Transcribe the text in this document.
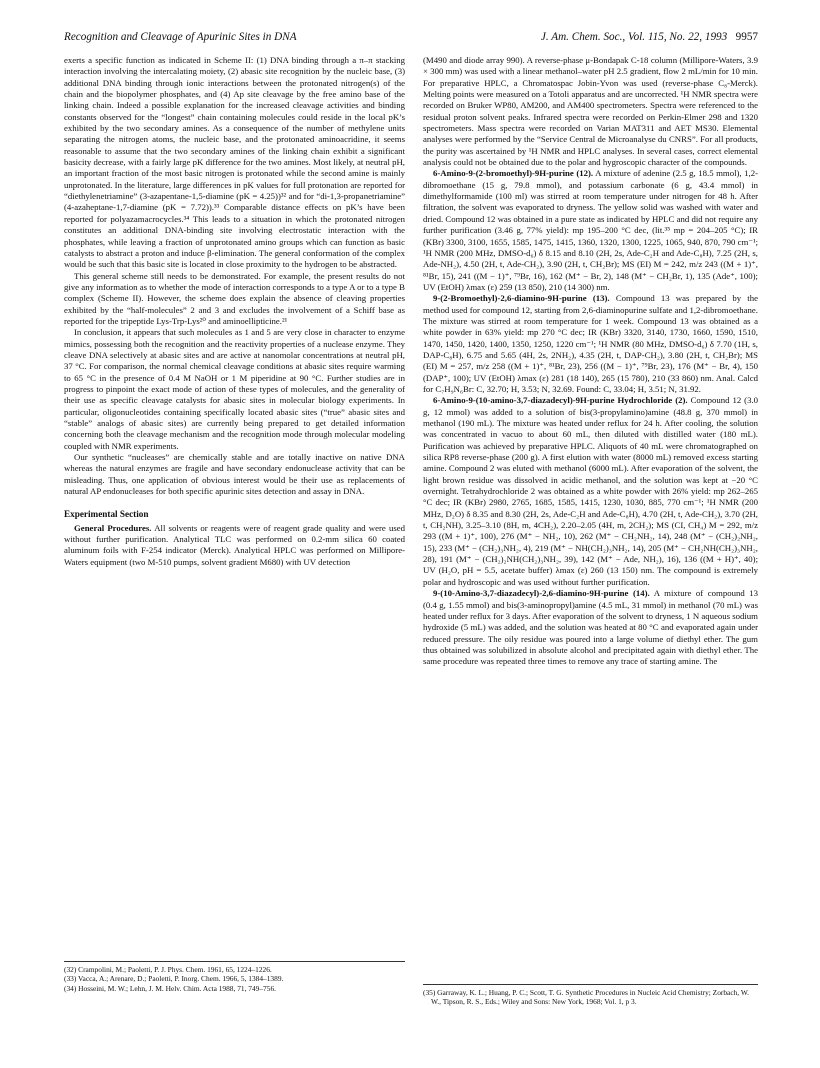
Recognition and Cleavage of Apurinic Sites in DNA	J. Am. Chem. Soc., Vol. 115, No. 22, 1993 9957

exerts a specific function as indicated in Scheme II: (1) DNA binding through a π–π stacking interaction involving the intercalating moiety, (2) abasic site recognition by the nucleic base, (3) additional DNA binding through ionic interactions between the protonated nitrogen(s) of the chain and the biopolymer phosphates, and (4) Ap site cleavage by the free amino base of the linking chain. Indeed a possible explanation for the increased cleavage activities and binding constants observed for the “longest” chain containing molecules could reside in the local pK’s exhibited by the two secondary amines. As a consequence of the number of methylene units separating the nitrogen atoms, the nucleic base, and the protonated aminoacridine, it seems reasonable to assume that the two secondary amines of the linking chain exhibit a significant basicity decrease, with a fairly large pK difference for the two amines. Most likely, at neutral pH, an important fraction of the most basic nitrogen is protonated while the second amine is mainly unprotonated. In the literature, large differences in pK values for full protonation are reported for “diethylenetriamine” (3-azapentane-1,5-diamine (pK = 4.25))³² and for “di-1,3-propanetriamine” (4-azaheptane-1,7-diamine (pK = 7.72)).³³ Comparable distance effects on pK’s have been reported for polyazamacrocycles.³⁴ This leads to a situation in which the protonated nitrogen constitutes an additional DNA-binding site involving electrostatic interaction with the phosphates, while leaving a fraction of unprotonated amino groups which can function as basic catalysts to abstract a proton and induce β-elimination. The general conformation of the complex would be such that this basic site is located in close proximity to the hydrogen to be abstracted.

This general scheme still needs to be demonstrated. For example, the present results do not give any information as to whether the mode of interaction corresponds to a type A or to a type B complex (Scheme II). However, the scheme does explain the absence of cleaving properties exhibited by the “half-molecules” 2 and 3 and excludes the involvement of a Schiff base as reported for the tripeptide Lys-Trp-Lys²⁰ and aminoellipticine.²¹

In conclusion, it appears that such molecules as 1 and 5 are very close in character to enzyme mimics, possessing both the recognition and the reactivity properties of a nuclease enzyme. They cleave DNA selectively at abasic sites and are active at nanomolar concentrations at neutral pH, 37 °C. For comparison, the normal chemical cleavage conditions at abasic sites require warming to 65 °C in the presence of 0.4 M NaOH or 1 M piperidine at 90 °C. Further studies are in progress to pinpoint the exact mode of action of these types of molecules, and the generality of their use as specific cleavage catalysts for abasic sites in molecular biology experiments. In particular, oligonucleotides containing specifically located abasic sites (“true” abasic sites and “stable” analogs of abasic sites) are currently being prepared to get detailed information concerning both the cleavage mechanism and the recognition mode through molecular modeling coupled with NMR experiments.

Our synthetic “nucleases” are chemically stable and are totally inactive on native DNA whereas the natural enzymes are fragile and have secondary endonuclease activity that can be misleading. Thus, one application of obvious interest would be their use as replacements of natural AP endonucleases for both specific apurinic sites detection and assay in DNA.

Experimental Section

General Procedures. All solvents or reagents were of reagent grade quality and were used without further purification. Analytical TLC was performed on 0.2-mm silica 60 coated aluminum foils with F-254 indicator (Merck). Analytical HPLC was performed on Millipore-Waters equipment (two M-510 pumps, solvent gradient M680) with UV detection

(M490 and diode array 990). A reverse-phase μ-Bondapak C-18 column (Millipore-Waters, 3.9 × 300 mm) was used with a linear methanol–water pH 2.5 gradient, flow 2 mL/min for 10 min. For preparative HPLC, a Chromatospac Jobin-Yvon was used (reverse-phase C₈-Merck). Melting points were measured on a Totoli apparatus and are uncorrected. ¹H NMR spectra were recorded on Bruker WP80, AM200, and AM400 spectrometers. Spectra were referenced to the residual proton solvent peaks. Infrared spectra were recorded on Perkin-Elmer 298 and 1320 spectrometers. Mass spectra were recorded on Varian MAT311 and AET MS30. Elemental analyses were performed by the “Service Central de Microanalyse du CNRS”. For all products, the purity was ascertained by ¹H NMR and HPLC analyses. In several cases, correct elemental analysis could not be obtained due to the polar and hygroscopic character of the compounds.

6-Amino-9-(2-bromoethyl)-9H-purine (12). A mixture of adenine (2.5 g, 18.5 mmol), 1,2-dibromoethane (15 g, 79.8 mmol), and potassium carbonate (6 g, 43.4 mmol) in dimethylformamide (100 ml) was stirred at room temperature under nitrogen for 48 h. After filtration, the solvent was evaporated to dryness. The yellow solid was washed with water and dried. Compound 12 was obtained in a pure state as indicated by HPLC and did not require any further purification (3.46 g, 77% yield): mp 195–200 °C dec, (lit.³⁵ mp = 204–205 °C); IR (KBr) 3300, 3100, 1655, 1585, 1475, 1415, 1360, 1320, 1300, 1225, 1065, 940, 870, 790 cm⁻¹; ¹H NMR (200 MHz, DMSO-d₆) δ 8.15 and 8.10 (2H, 2s, Ade-C₂H and Ade-C₈H), 7.25 (2H, s, Ade-NH₂), 4.50 (2H, t, Ade-CH₂), 3.90 (2H, t, CH₂Br); MS (EI) M = 242, m/z 243 ((M + 1)⁺, ⁸¹Br, 15), 241 ((M − 1)⁺, ⁷⁹Br, 16), 162 (M⁺ − Br, 2), 148 (M⁺ − CH₂Br, 1), 135 (Ade⁺, 100); UV (EtOH) λmax (ε) 259 (13 850), 210 (14 300) nm.

9-(2-Bromoethyl)-2,6-diamino-9H-purine (13). Compound 13 was prepared by the method used for compound 12, starting from 2,6-diaminopurine sulfate and 1,2-dibromoethane. The mixture was stirred at room temperature for 1 week. Compound 13 was obtained as a white powder in 63% yield: mp 270 °C dec; IR (KBr) 3320, 3140, 1730, 1660, 1590, 1510, 1470, 1450, 1420, 1400, 1350, 1250, 1220 cm⁻¹; ¹H NMR (80 MHz, DMSO-d₆) δ 7.70 (1H, s, DAP-C₈H), 6.75 and 5.65 (4H, 2s, 2NH₂), 4.35 (2H, t, DAP-CH₂), 3.80 (2H, t, CH₂Br); MS (EI) M = 257, m/z 258 ((M + 1)⁺, ⁸¹Br, 23), 256 ((M − 1)⁺, ⁷⁹Br, 23), 176 (M⁺ − Br, 4), 150 (DAP⁺, 100); UV (EtOH) λmax (ε) 281 (18 140), 265 (15 780), 210 (33 860) nm. Anal. Calcd for C₇H₉N₆Br: C, 32.70; H, 3.53; N, 32.69. Found: C, 33.04; H, 3.51; N, 31.92.

6-Amino-9-(10-amino-3,7-diazadecyl)-9H-purine Hydrochloride (2). Compound 12 (3.0 g, 12 mmol) was added to a solution of bis(3-propylamino)amine (48.8 g, 370 mmol) in methanol (190 mL). The mixture was heated under reflux for 24 h. After cooling, the solution was concentrated in vacuo to about 60 mL, then diluted with distilled water (180 mL). Purification was achieved by preparative HPLC. Aliquots of 40 mL were chromatographed on silica RP8 reverse-phase (200 g). A first elution with water (8000 mL) removed excess starting amine. Compound 2 was eluted with methanol (6000 mL). After evaporation of the solvent, the light brown residue was dissolved in acidic methanol, and the solution was kept at −20 °C overnight. Tetrahydrochloride 2 was obtained as a white powder with 26% yield: mp 262–265 °C dec; IR (KBr) 2980, 2765, 1685, 1585, 1415, 1230, 1030, 885, 770 cm⁻¹; ¹H NMR (200 MHz, D₂O) δ 8.35 and 8.30 (2H, 2s, Ade-C₂H and Ade-C₈H), 4.70 (2H, t, Ade-CH₂), 3.70 (2H, t, CH₂NH), 3.25–3.10 (8H, m, 4CH₂), 2.20–2.05 (4H, m, 2CH₂); MS (CI, CH₄) M = 292, m/z 293 ((M + 1)⁺, 100), 276 (M⁺ − NH₂, 10), 262 (M⁺ − CH₂NH₂, 14), 248 (M⁺ − (CH₂)₂NH₂, 15), 233 (M⁺ − (CH₂)₃NH₂, 4), 219 (M⁺ − NH(CH₂)₃NH₂, 14), 205 (M⁺ − CH₂NH(CH₂)₃NH₂, 28), 191 (M⁺ − (CH₂)₂NH(CH₂)₃NH₂, 39), 142 (M⁺ − Ade, NH₂), 16), 136 ((M + H)⁺, 40); UV (H₂O, pH = 5.5, acetate buffer) λmax (ε) 260 (13 150) nm. The compound is extremely polar and hydroscopic and was used without further purification.

9-(10-Amino-3,7-diazadecyl)-2,6-diamino-9H-purine (14). A mixture of compound 13 (0.4 g, 1.55 mmol) and bis(3-aminopropyl)amine (4.5 mL, 31 mmol) in methanol (70 mL) was heated under reflux for 3 days. After evaporation of the solvent to dryness, 1 N aqueous sodium hydroxide (5 mL) was added, and the solution was heated at 80 °C and evaporated again under reduced pressure. The oily residue was poured into a large volume of diethyl ether. The gum thus obtained was solubilized in absolute alcohol and precipitated again with diethyl ether. The same procedure was repeated three times to remove any trace of starting amine. The

(32) Crampolini, M.; Paoletti, P. J. Phys. Chem. 1961, 65, 1224–1226.

(33) Vacca, A.; Arenare, D.; Paoletti, P. Inorg. Chem. 1966, 5, 1384–1389.

(34) Hosseini, M. W.; Lehn, J. M. Helv. Chim. Acta 1988, 71, 749–756.	(35) Garraway, K. L.; Huang, P. C.; Scott, T. G. Synthetic Procedures in Nucleic Acid Chemistry; Zorbach, W. W., Tipson, R. S., Eds.; Wiley and Sons: New York, 1968; Vol. 1, p 3.
